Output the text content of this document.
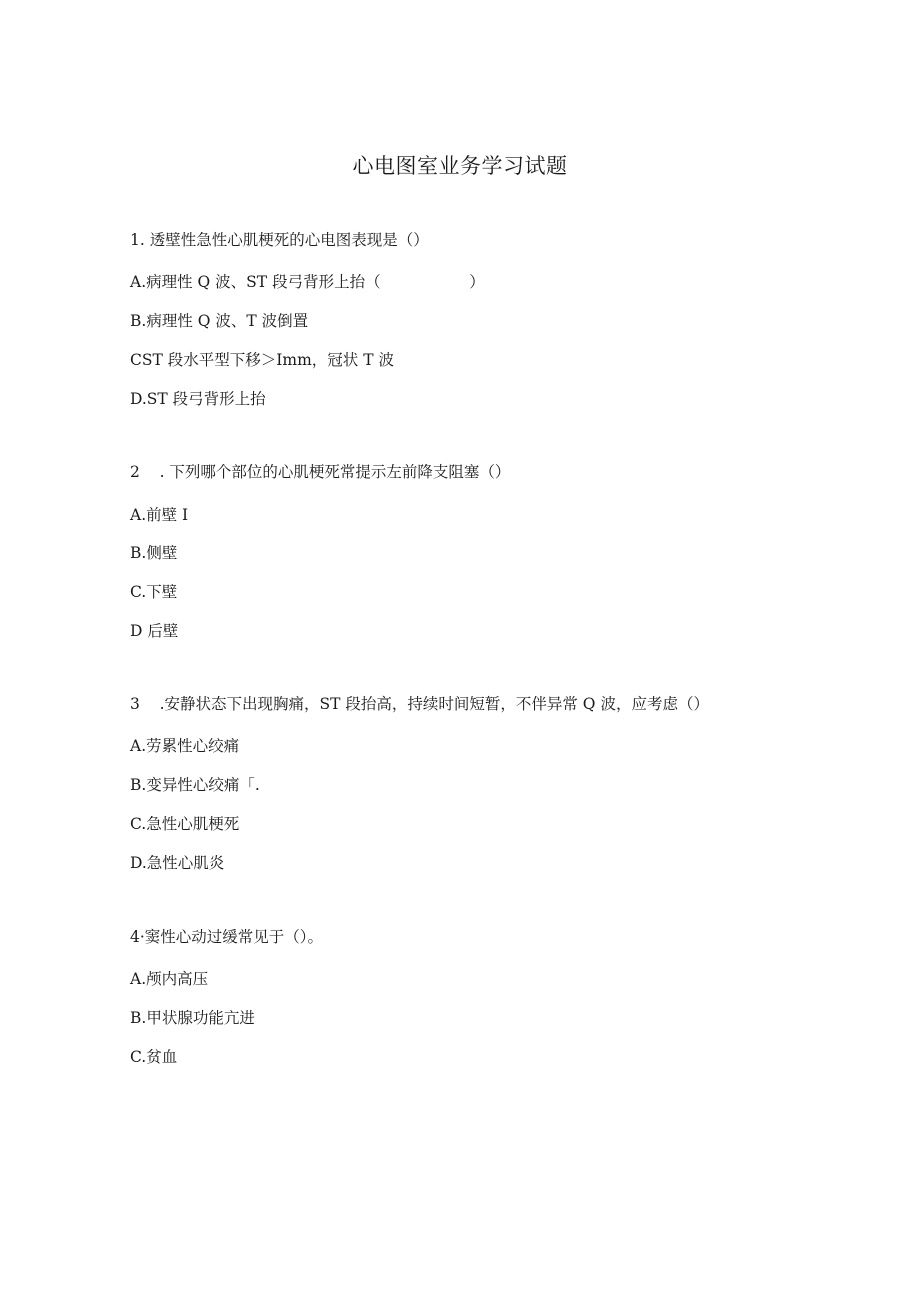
心电图室业务学习试题
1. 透壁性急性心肌梗死的心电图表现是（）
A.病理性 Q 波、ST 段弓背形上抬（                  ）
B.病理性 Q 波、T 波倒置
CST 段水平型下移＞Imm，冠状 T 波
D.ST 段弓背形上抬
2    . 下列哪个部位的心肌梗死常提示左前降支阻塞（）
A.前壁 I
B.侧壁
C.下壁
D 后壁
3    .安静状态下出现胸痛，ST 段抬高，持续时间短暂，不伴异常 Q 波，应考虑（）
A.劳累性心绞痛
B.变异性心绞痛「.
C.急性心肌梗死
D.急性心肌炎
4·窦性心动过缓常见于（）。
A.颅内高压
B.甲状腺功能亢进
C.贫血
